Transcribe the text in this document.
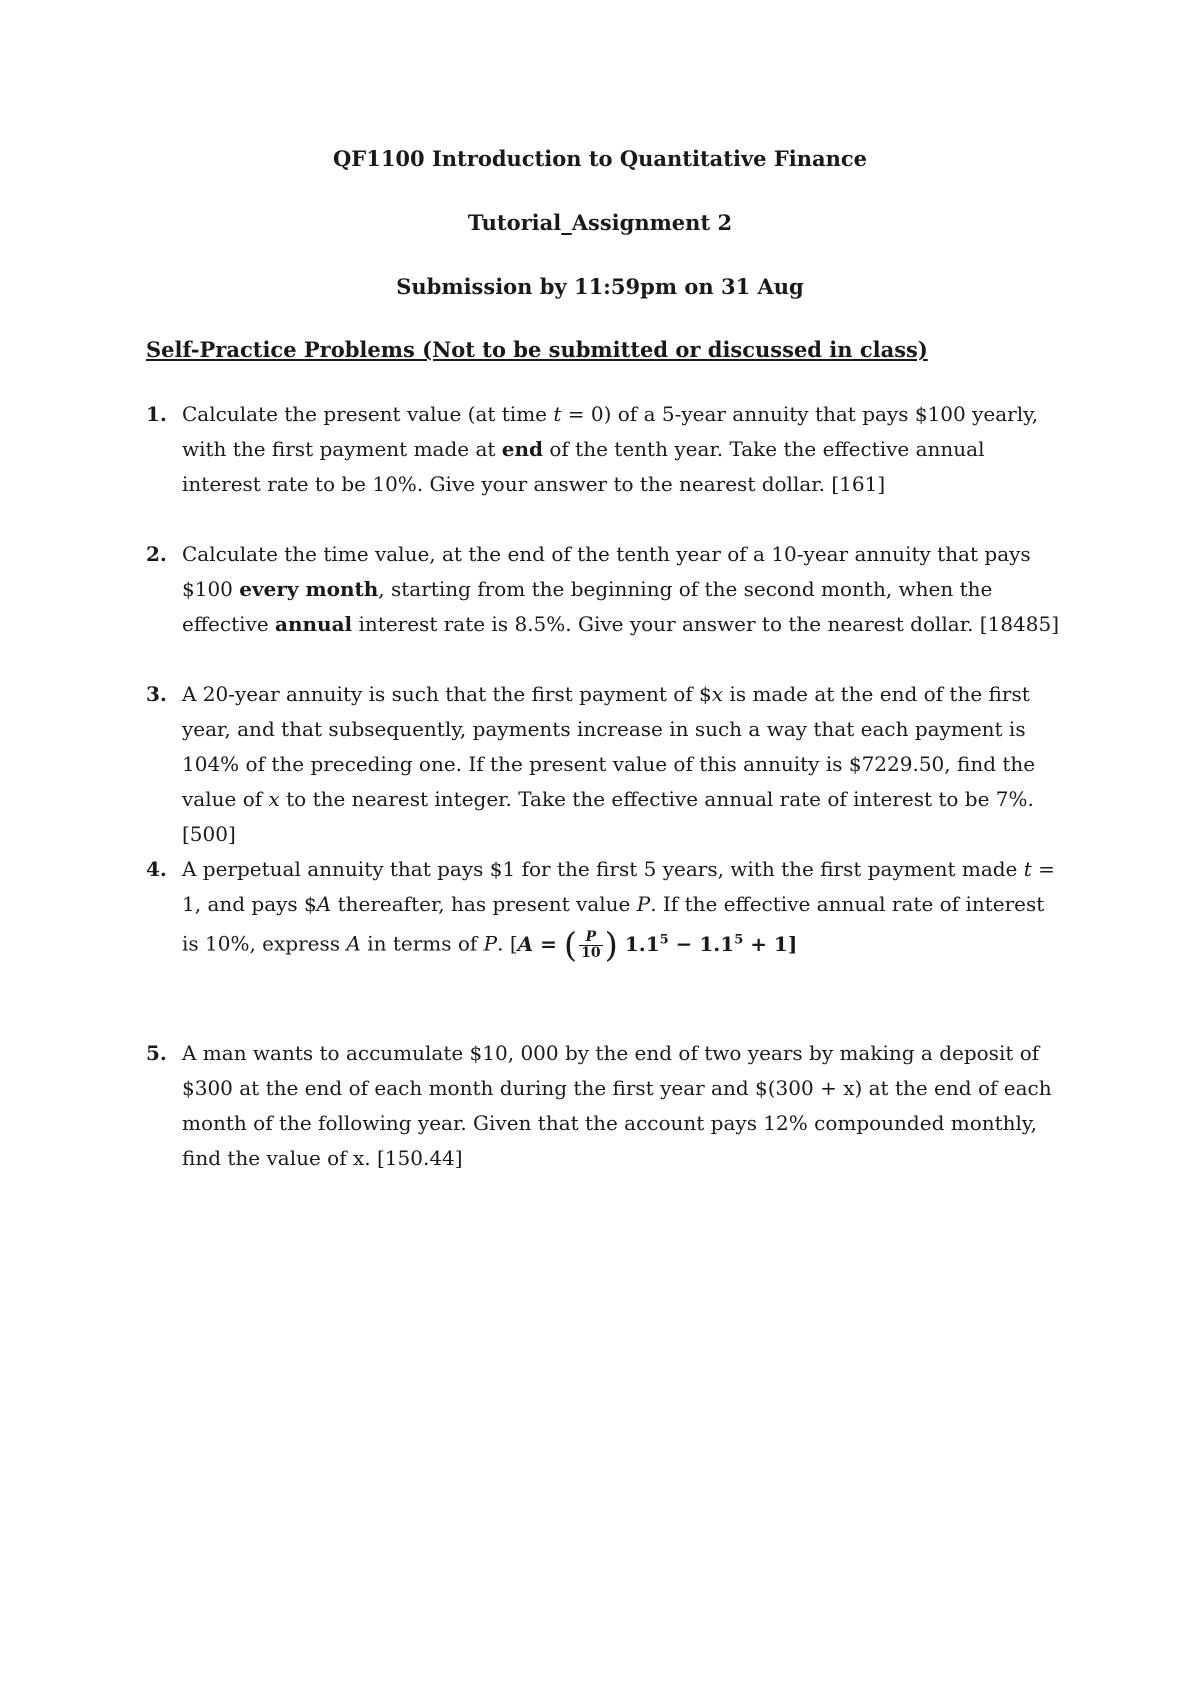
QF1100 Introduction to Quantitative Finance
Tutorial_Assignment 2
Submission by 11:59pm on 31 Aug
Self-Practice Problems (Not to be submitted or discussed in class)
1. Calculate the present value (at time t = 0) of a 5-year annuity that pays $100 yearly, with the first payment made at end of the tenth year. Take the effective annual interest rate to be 10%. Give your answer to the nearest dollar. [161]
2. Calculate the time value, at the end of the tenth year of a 10-year annuity that pays $100 every month, starting from the beginning of the second month, when the effective annual interest rate is 8.5%. Give your answer to the nearest dollar. [18485]
3. A 20-year annuity is such that the first payment of $x is made at the end of the first year, and that subsequently, payments increase in such a way that each payment is 104% of the preceding one. If the present value of this annuity is $7229.50, find the value of x to the nearest integer. Take the effective annual rate of interest to be 7%. [500]
4. A perpetual annuity that pays $1 for the first 5 years, with the first payment made t = 1, and pays $A thereafter, has present value P. If the effective annual rate of interest is 10%, express A in terms of P. [A = ( $\frac{P}{10}$ ) $1.1^5 - 1.1^5 + 1$]
5. A man wants to accumulate $10, 000 by the end of two years by making a deposit of $300 at the end of each month during the first year and $(300 + x) at the end of each month of the following year. Given that the account pays 12% compounded monthly, find the value of x. [150.44]
